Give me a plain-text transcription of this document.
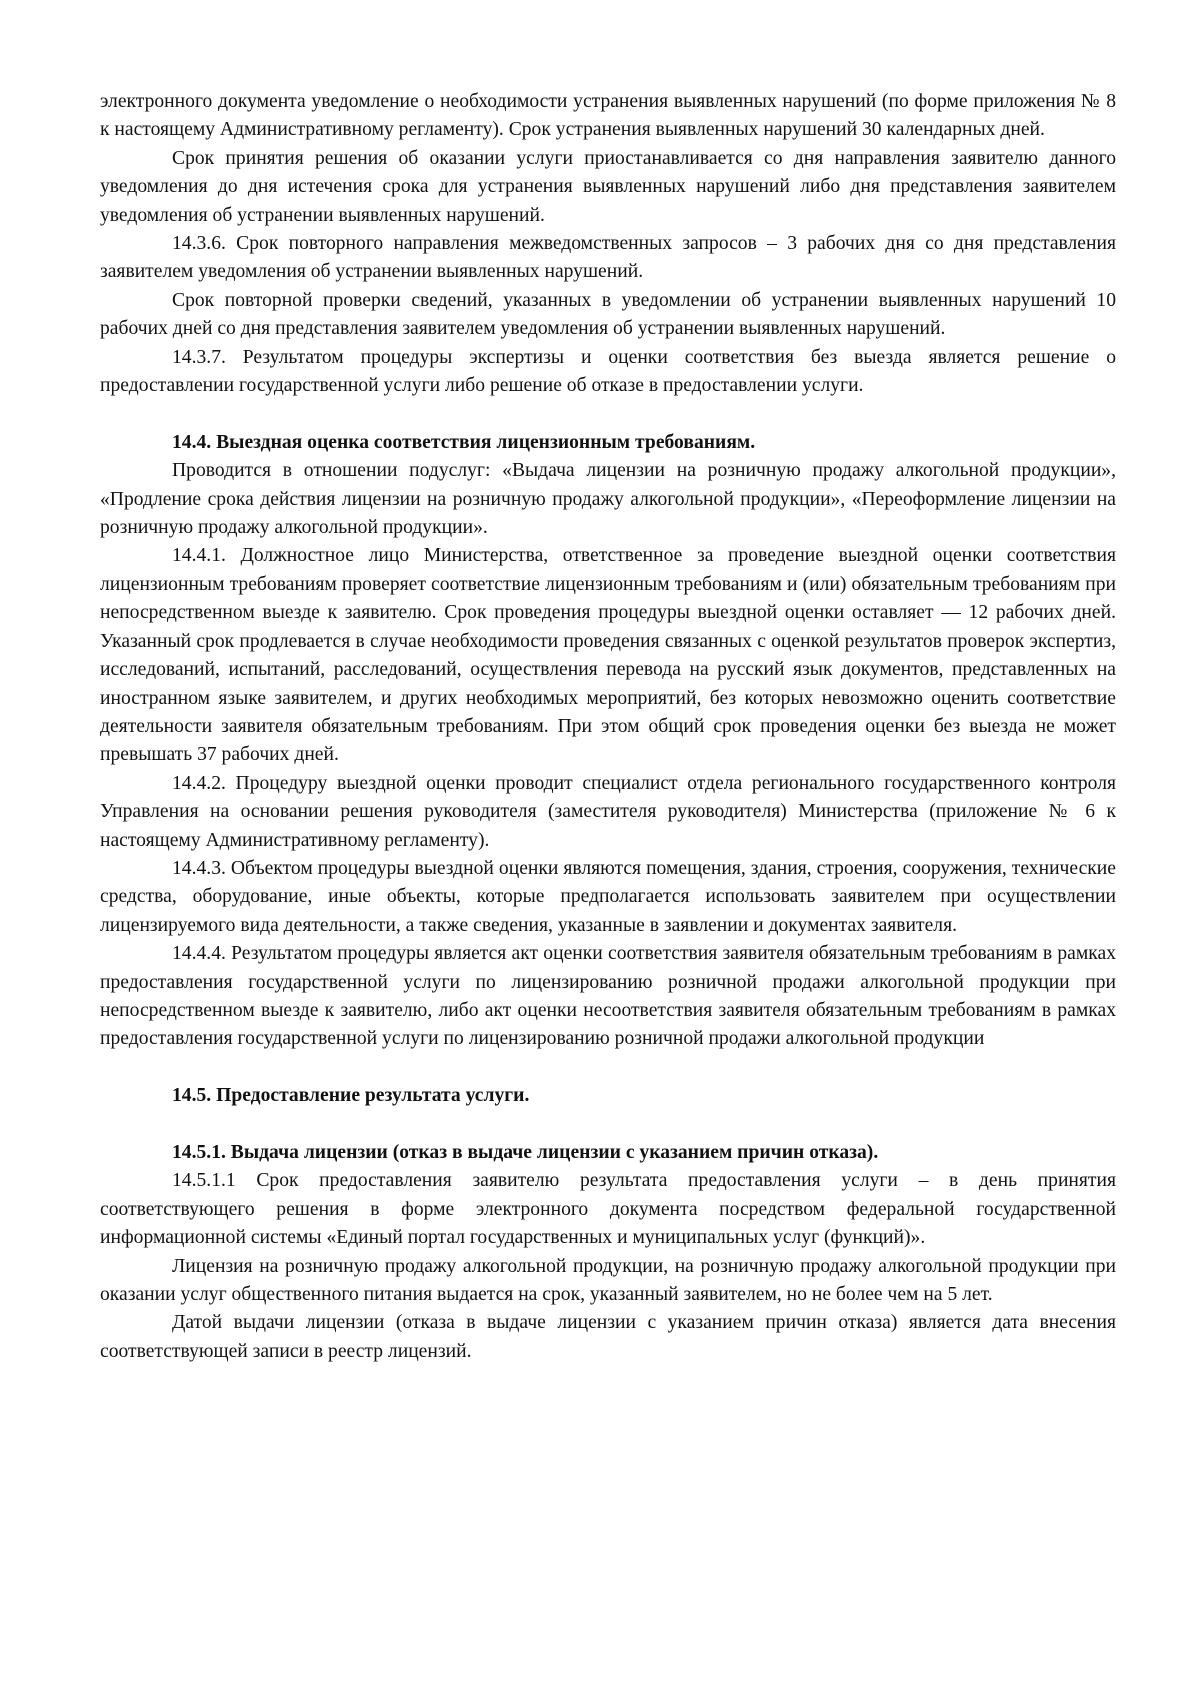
электронного документа уведомление о необходимости устранения выявленных нарушений (по форме приложения № 8 к настоящему Административному регламенту). Срок устранения выявленных нарушений 30 календарных дней.

Срок принятия решения об оказании услуги приостанавливается со дня направления заявителю данного уведомления до дня истечения срока для устранения выявленных нарушений либо дня представления заявителем уведомления об устранении выявленных нарушений.

14.3.6. Срок повторного направления межведомственных запросов – 3 рабочих дня со дня представления заявителем уведомления об устранении выявленных нарушений.

Срок повторной проверки сведений, указанных в уведомлении об устранении выявленных нарушений 10 рабочих дней со дня представления заявителем уведомления об устранении выявленных нарушений.

14.3.7. Результатом процедуры экспертизы и оценки соответствия без выезда является решение о предоставлении государственной услуги либо решение об отказе в предоставлении услуги.

14.4. Выездная оценка соответствия лицензионным требованиям.

Проводится в отношении подуслуг: «Выдача лицензии на розничную продажу алкогольной продукции», «Продление срока действия лицензии на розничную продажу алкогольной продукции», «Переоформление лицензии на розничную продажу алкогольной продукции».

14.4.1. Должностное лицо Министерства, ответственное за проведение выездной оценки соответствия лицензионным требованиям проверяет соответствие лицензионным требованиям и (или) обязательным требованиям при непосредственном выезде к заявителю. Срок проведения процедуры выездной оценки оставляет — 12 рабочих дней. Указанный срок продлевается в случае необходимости проведения связанных с оценкой результатов проверок экспертиз, исследований, испытаний, расследований, осуществления перевода на русский язык документов, представленных на иностранном языке заявителем, и других необходимых мероприятий, без которых невозможно оценить соответствие деятельности заявителя обязательным требованиям. При этом общий срок проведения оценки без выезда не может превышать 37 рабочих дней.

14.4.2. Процедуру выездной оценки проводит специалист отдела регионального государственного контроля Управления на основании решения руководителя (заместителя руководителя) Министерства (приложение № 6 к настоящему Административному регламенту).

14.4.3. Объектом процедуры выездной оценки являются помещения, здания, строения, сооружения, технические средства, оборудование, иные объекты, которые предполагается использовать заявителем при осуществлении лицензируемого вида деятельности, а также сведения, указанные в заявлении и документах заявителя.

14.4.4. Результатом процедуры является акт оценки соответствия заявителя обязательным требованиям в рамках предоставления государственной услуги по лицензированию розничной продажи алкогольной продукции при непосредственном выезде к заявителю, либо акт оценки несоответствия заявителя обязательным требованиям в рамках предоставления государственной услуги по лицензированию розничной продажи алкогольной продукции

14.5. Предоставление результата услуги.
14.5.1. Выдача лицензии (отказ в выдаче лицензии с указанием причин отказа).

14.5.1.1 Срок предоставления заявителю результата предоставления услуги – в день принятия соответствующего решения в форме электронного документа посредством федеральной государственной информационной системы «Единый портал государственных и муниципальных услуг (функций)».

Лицензия на розничную продажу алкогольной продукции, на розничную продажу алкогольной продукции при оказании услуг общественного питания выдается на срок, указанный заявителем, но не более чем на 5 лет.

Датой выдачи лицензии (отказа в выдаче лицензии с указанием причин отказа) является дата внесения соответствующей записи в реестр лицензий.
